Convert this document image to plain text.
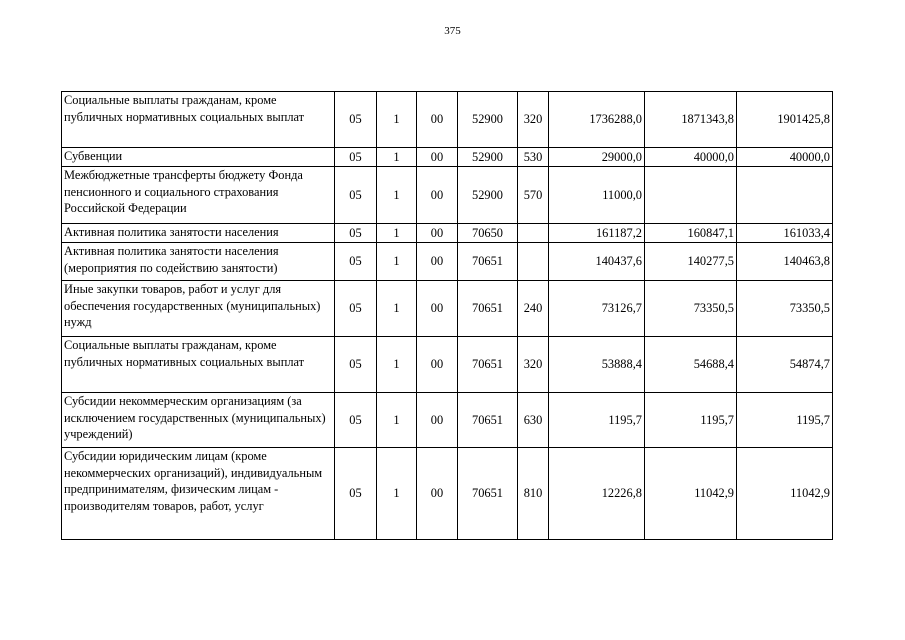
375
Социальные выплаты гражданам, кроме публичных нормативных социальных выплат	05	1	00	52900	320	1736288,0	1871343,8	1901425,8
Субвенции	05	1	00	52900	530	29000,0	40000,0	40000,0
Межбюджетные трансферты бюджету Фонда пенсионного и социального страхования Российской Федерации	05	1	00	52900	570	11000,0		
Активная политика занятости населения	05	1	00	70650		161187,2	160847,1	161033,4
Активная политика занятости населения (мероприятия по содействию занятости)	05	1	00	70651		140437,6	140277,5	140463,8
Иные закупки товаров, работ и услуг для обеспечения государственных (муниципальных) нужд	05	1	00	70651	240	73126,7	73350,5	73350,5
Социальные выплаты гражданам, кроме публичных нормативных социальных выплат	05	1	00	70651	320	53888,4	54688,4	54874,7
Субсидии некоммерческим организациям (за исключением государственных (муниципальных) учреждений)	05	1	00	70651	630	1195,7	1195,7	1195,7
Субсидии юридическим лицам (кроме некоммерческих организаций), индивидуальным предпринимателям, физическим лицам - производителям товаров, работ, услуг	05	1	00	70651	810	12226,8	11042,9	11042,9
